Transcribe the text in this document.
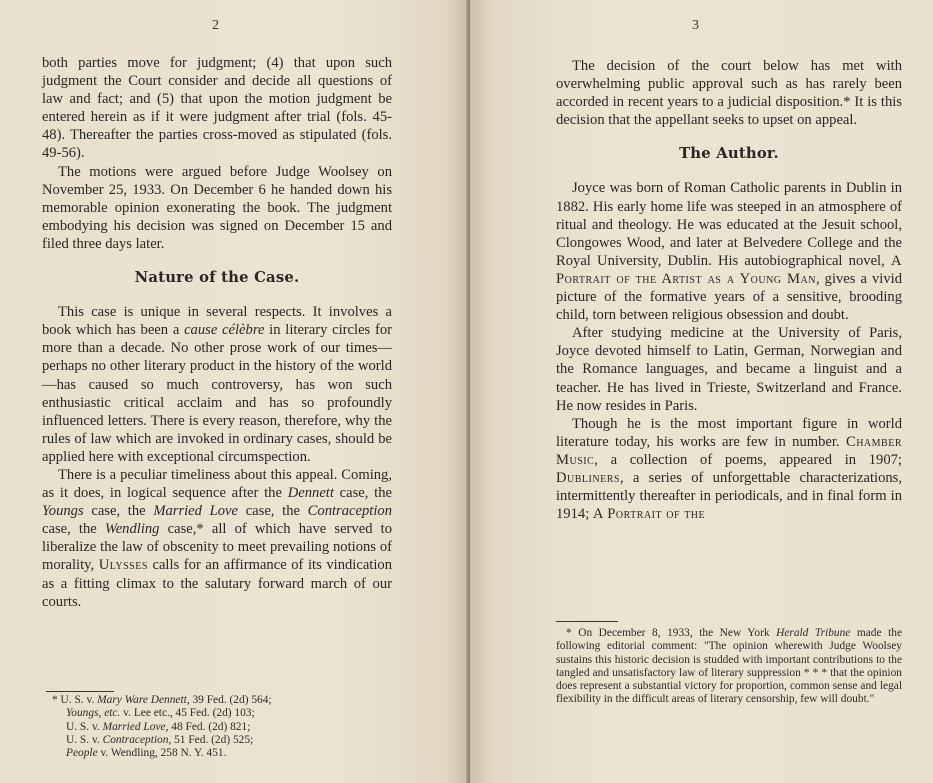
2

both parties move for judgment; (4) that upon such judgment the Court consider and decide all questions of law and fact; and (5) that upon the motion judgment be entered herein as if it were judgment after trial (fols. 45-48). Thereafter the parties cross-moved as stipulated (fols. 49-56).

The motions were argued before Judge Woolsey on November 25, 1933. On December 6 he handed down his memorable opinion exonerating the book. The judgment embodying his decision was signed on December 15 and filed three days later.

Nature of the Case.

This case is unique in several respects. It involves a book which has been a cause célèbre in literary circles for more than a decade. No other prose work of our times—perhaps no other literary product in the history of the world—has caused so much controversy, has won such enthusiastic critical acclaim and has so profoundly influenced letters. There is every reason, therefore, why the rules of law which are invoked in ordinary cases, should be applied here with exceptional circumspection.

There is a peculiar timeliness about this appeal. Coming, as it does, in logical sequence after the Dennett case, the Youngs case, the Married Love case, the Contraception case, the Wendling case,* all of which have served to liberalize the law of obscenity to meet prevailing notions of morality, Ulysses calls for an affirmance of its vindication as a fitting climax to the salutary forward march of our courts.

* U. S. v. Mary Ware Dennett, 39 Fed. (2d) 564;
Youngs, etc. v. Lee etc., 45 Fed. (2d) 103;
U. S. v. Married Love, 48 Fed. (2d) 821;
U. S. v. Contraception, 51 Fed. (2d) 525;
People v. Wendling, 258 N. Y. 451.
3

The decision of the court below has met with overwhelming public approval such as has rarely been accorded in recent years to a judicial disposition.* It is this decision that the appellant seeks to upset on appeal.

The Author.

Joyce was born of Roman Catholic parents in Dublin in 1882. His early home life was steeped in an atmosphere of ritual and theology. He was educated at the Jesuit school, Clongowes Wood, and later at Belvedere College and the Royal University, Dublin. His autobiographical novel, A Portrait of the Artist as a Young Man, gives a vivid picture of the formative years of a sensitive, brooding child, torn between religious obsession and doubt.

After studying medicine at the University of Paris, Joyce devoted himself to Latin, German, Norwegian and the Romance languages, and became a linguist and a teacher. He has lived in Trieste, Switzerland and France. He now resides in Paris.

Though he is the most important figure in world literature today, his works are few in number. Chamber Music, a collection of poems, appeared in 1907; Dubliners, a series of unforgettable characterizations, intermittently thereafter in periodicals, and in final form in 1914; A Portrait of the

* On December 8, 1933, the New York Herald Tribune made the following editorial comment: "The opinion wherewith Judge Woolsey sustains this historic decision is studded with important contributions to the tangled and unsatisfactory law of literary suppression * * * that the opinion does represent a substantial victory for proportion, common sense and legal flexibility in the difficult areas of literary censorship, few will doubt."
